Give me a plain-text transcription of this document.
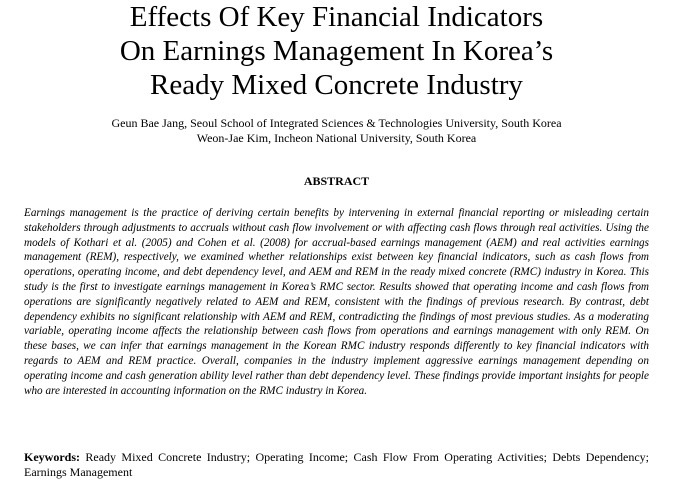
Effects Of Key Financial Indicators
On Earnings Management In Korea’s
Ready Mixed Concrete Industry
Geun Bae Jang, Seoul School of Integrated Sciences & Technologies University, South Korea
Weon-Jae Kim, Incheon National University, South Korea
ABSTRACT

Earnings management is the practice of deriving certain benefits by intervening in external financial reporting or misleading certain stakeholders through adjustments to accruals without cash flow involvement or with affecting cash flows through real activities. Using the models of Kothari et al. (2005) and Cohen et al. (2008) for accrual-based earnings management (AEM) and real activities earnings management (REM), respectively, we examined whether relationships exist between key financial indicators, such as cash flows from operations, operating income, and debt dependency level, and AEM and REM in the ready mixed concrete (RMC) industry in Korea. This study is the first to investigate earnings management in Korea’s RMC sector. Results showed that operating income and cash flows from operations are significantly negatively related to AEM and REM, consistent with the findings of previous research. By contrast, debt dependency exhibits no significant relationship with AEM and REM, contradicting the findings of most previous studies. As a moderating variable, operating income affects the relationship between cash flows from operations and earnings management with only REM. On these bases, we can infer that earnings management in the Korean RMC industry responds differently to key financial indicators with regards to AEM and REM practice. Overall, companies in the industry implement aggressive earnings management depending on operating income and cash generation ability level rather than debt dependency level. These findings provide important insights for people who are interested in accounting information on the RMC industry in Korea.

Keywords: Ready Mixed Concrete Industry; Operating Income; Cash Flow From Operating Activities; Debts Dependency; Earnings Management
